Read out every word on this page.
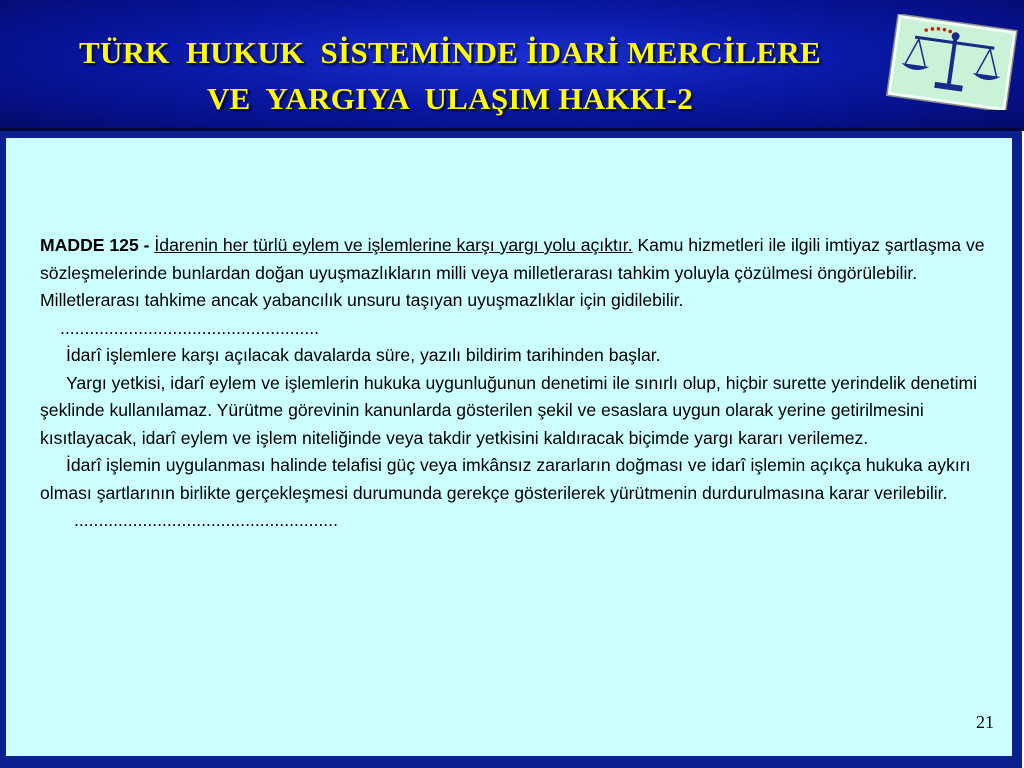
TÜRK  HUKUK  SİSTEMİNDE İDARİ MERCİLERE
VE  YARGIYA  ULAŞIM HAKKI-2

MADDE 125 - İdarenin her türlü eylem ve işlemlerine karşı yargı yolu açıktır. Kamu hizmetleri ile ilgili imtiyaz şartlaşma ve sözleşmelerinde bunlardan doğan uyuşmazlıkların milli veya milletlerarası tahkim yoluyla çözülmesi öngörülebilir. Milletlerarası tahkime ancak yabancılık unsuru taşıyan uyuşmazlıklar için gidilebilir.

.....................................................

İdarî işlemlere karşı açılacak davalarda süre, yazılı bildirim tarihinden başlar.

Yargı yetkisi, idarî eylem ve işlemlerin hukuka uygunluğunun denetimi ile sınırlı olup, hiçbir surette yerindelik denetimi şeklinde kullanılamaz. Yürütme görevinin kanunlarda gösterilen şekil ve esaslara uygun olarak yerine getirilmesini kısıtlayacak, idarî eylem ve işlem niteliğinde veya takdir yetkisini kaldıracak biçimde yargı kararı verilemez.

İdarî işlemin uygulanması halinde telafisi güç veya imkânsız zararların doğması ve idarî işlemin açıkça hukuka aykırı olması şartlarının birlikte gerçekleşmesi durumunda gerekçe gösterilerek yürütmenin durdurulmasına karar verilebilir.

......................................................

21
